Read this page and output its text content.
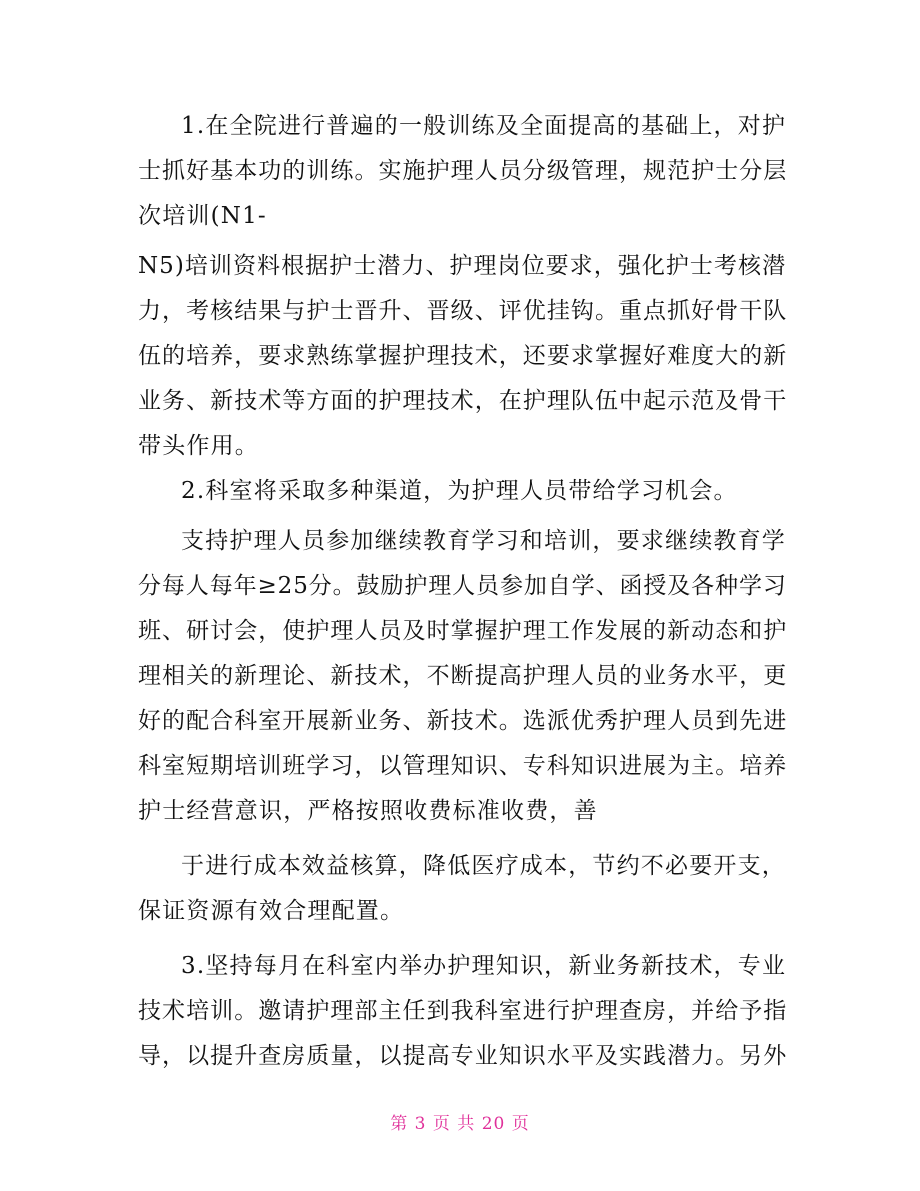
1.在全院进行普遍的一般训练及全面提高的基础上，对护
士抓好基本功的训练。实施护理人员分级管理，规范护士分层
次培训(N1-
N5)培训资料根据护士潜力、护理岗位要求，强化护士考核潜
力，考核结果与护士晋升、晋级、评优挂钩。重点抓好骨干队
伍的培养，要求熟练掌握护理技术，还要求掌握好难度大的新
业务、新技术等方面的护理技术，在护理队伍中起示范及骨干
带头作用。
2.科室将采取多种渠道，为护理人员带给学习机会。
支持护理人员参加继续教育学习和培训，要求继续教育学
分每人每年≥25分。鼓励护理人员参加自学、函授及各种学习
班、研讨会，使护理人员及时掌握护理工作发展的新动态和护
理相关的新理论、新技术，不断提高护理人员的业务水平，更
好的配合科室开展新业务、新技术。选派优秀护理人员到先进
科室短期培训班学习，以管理知识、专科知识进展为主。培养
护士经营意识，严格按照收费标准收费，善
于进行成本效益核算，降低医疗成本，节约不必要开支，
保证资源有效合理配置。
3.坚持每月在科室内举办护理知识，新业务新技术，专业
技术培训。邀请护理部主任到我科室进行护理查房，并给予指
导，以提升查房质量，以提高专业知识水平及实践潜力。另外
第 3 页 共 20 页
